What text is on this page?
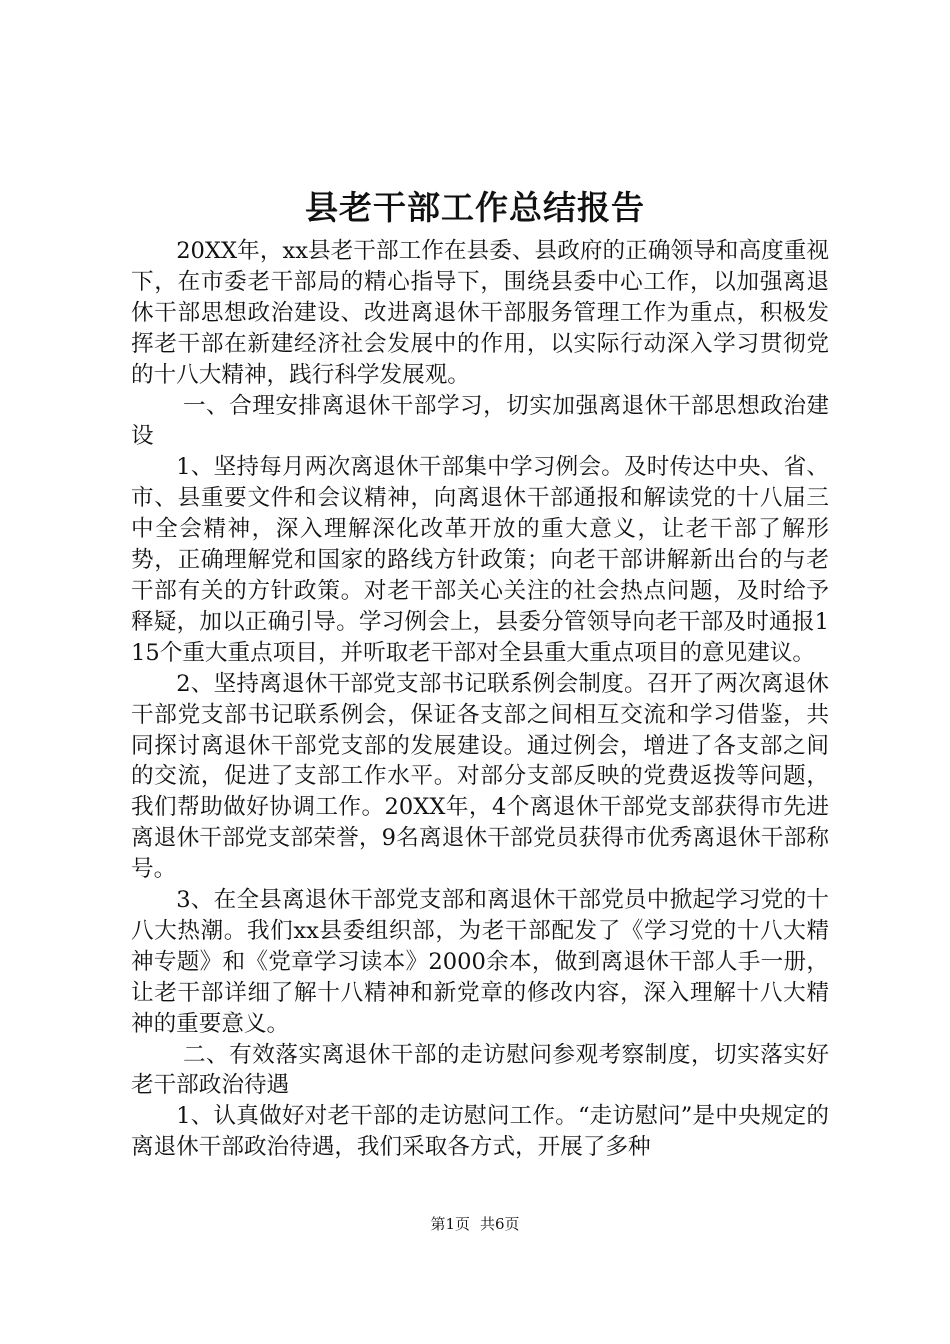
县老干部工作总结报告

20XX年，xx县老干部工作在县委、县政府的正确领导和高度重视下，在市委老干部局的精心指导下，围绕县委中心工作，以加强离退休干部思想政治建设、改进离退休干部服务管理工作为重点，积极发挥老干部在新建经济社会发展中的作用，以实际行动深入学习贯彻党的十八大精神，践行科学发展观。

一、合理安排离退休干部学习，切实加强离退休干部思想政治建设

1、坚持每月两次离退休干部集中学习例会。及时传达中央、省、市、县重要文件和会议精神，向离退休干部通报和解读党的十八届三中全会精神，深入理解深化改革开放的重大意义，让老干部了解形势，正确理解党和国家的路线方针政策；向老干部讲解新出台的与老干部有关的方针政策。对老干部关心关注的社会热点问题，及时给予释疑，加以正确引导。学习例会上，县委分管领导向老干部及时通报115个重大重点项目，并听取老干部对全县重大重点项目的意见建议。

2、坚持离退休干部党支部书记联系例会制度。召开了两次离退休干部党支部书记联系例会，保证各支部之间相互交流和学习借鉴，共同探讨离退休干部党支部的发展建设。通过例会，增进了各支部之间的交流，促进了支部工作水平。对部分支部反映的党费返拨等问题，我们帮助做好协调工作。20XX年，4个离退休干部党支部获得市先进离退休干部党支部荣誉，9名离退休干部党员获得市优秀离退休干部称号。

3、在全县离退休干部党支部和离退休干部党员中掀起学习党的十八大热潮。我们xx县委组织部，为老干部配发了《学习党的十八大精神专题》和《党章学习读本》2000余本，做到离退休干部人手一册，让老干部详细了解十八精神和新党章的修改内容，深入理解十八大精神的重要意义。

二、有效落实离退休干部的走访慰问参观考察制度，切实落实好老干部政治待遇

1、认真做好对老干部的走访慰问工作。“走访慰问”是中央规定的离退休干部政治待遇，我们采取各方式，开展了多种

第1页 共6页
